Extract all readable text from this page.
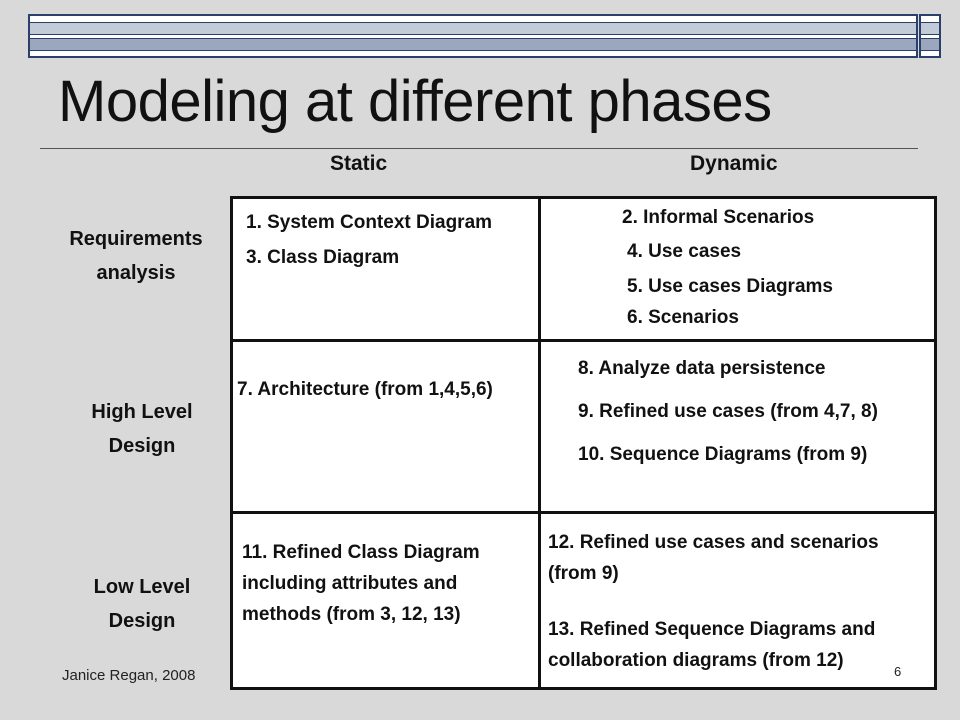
Modeling at different phases
Static	Dynamic
Requirements
analysis
High Level
Design
Low Level
Design
1. System Context Diagram
3. Class Diagram
2. Informal Scenarios
4. Use cases
5. Use cases Diagrams
6. Scenarios
7. Architecture (from 1,4,5,6)
8. Analyze data persistence
9. Refined use cases (from 4,7, 8)
10. Sequence Diagrams (from 9)
11. Refined Class Diagram
including attributes and
methods (from 3, 12, 13)
12. Refined use cases and scenarios
(from 9)
13. Refined Sequence Diagrams and
collaboration diagrams (from 12)
Janice Regan, 2008	6
